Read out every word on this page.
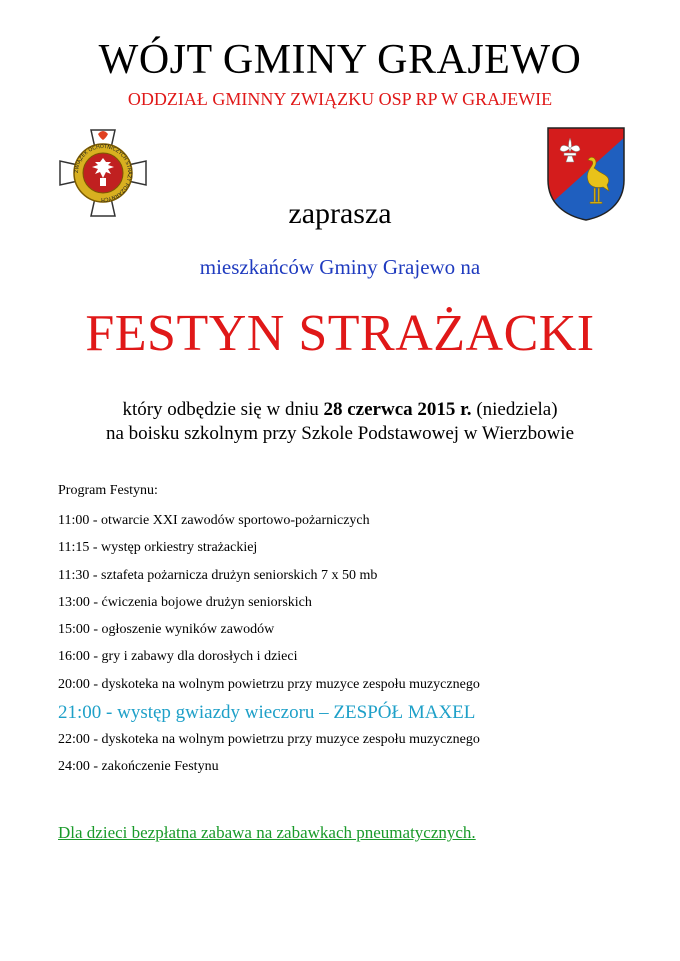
WÓJT GMINY GRAJEWO
ODDZIAŁ GMINNY ZWIĄZKU OSP RP W GRAJEWIE
ZWIĄZEK OCHOTNICZYCH STRAŻY POŻARNYCH	zaprasza
mieszkańców Gminy Grajewo na
FESTYN STRAŻACKI
który odbędzie się w dniu 28 czerwca 2015 r. (niedziela)
na boisku szkolnym przy Szkole Podstawowej w Wierzbowie
Program Festynu:
11:00 - otwarcie XXI zawodów sportowo-pożarniczych
11:15 - występ orkiestry strażackiej
11:30 - sztafeta pożarnicza drużyn seniorskich 7 x 50 mb
13:00 - ćwiczenia bojowe drużyn seniorskich
15:00 - ogłoszenie wyników zawodów
16:00 - gry i zabawy dla dorosłych i dzieci
20:00 - dyskoteka na wolnym powietrzu przy muzyce zespołu muzycznego
21:00 - występ gwiazdy wieczoru – ZESPÓŁ MAXEL
22:00 - dyskoteka na wolnym powietrzu przy muzyce zespołu muzycznego
24:00 - zakończenie Festynu
Dla dzieci bezpłatna zabawa na zabawkach pneumatycznych.
